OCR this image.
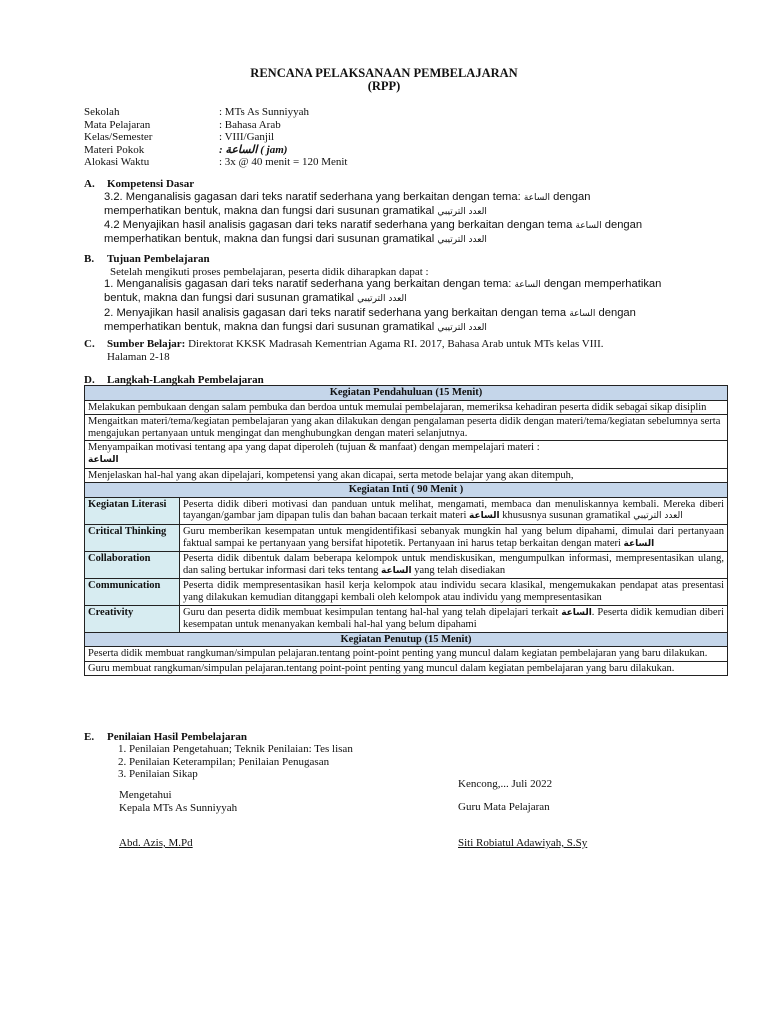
RENCANA PELAKSANAAN PEMBELAJARAN
(RPP)
Sekolah	: MTs As Sunniyyah
Mata Pelajaran	: Bahasa Arab
Kelas/Semester	: VIII/Ganjil
Materi Pokok	: الساعة ( jam)
Alokasi Waktu	: 3x @ 40 menit = 120 Menit
A. Kompetensi Dasar
3.2. Menganalisis gagasan dari teks naratif sederhana yang berkaitan dengan tema: الساعة dengan memperhatikan bentuk, makna dan fungsi dari susunan gramatikal العدد الترتيبي
4.2 Menyajikan hasil analisis gagasan dari teks naratif sederhana yang berkaitan dengan tema الساعة dengan memperhatikan bentuk, makna dan fungsi dari susunan gramatikal العدد الترتيبي
B. Tujuan Pembelajaran
Setelah mengikuti proses pembelajaran, peserta didik diharapkan dapat :
1. Menganalisis gagasan dari teks naratif sederhana yang berkaitan dengan tema: الساعة dengan memperhatikan bentuk, makna dan fungsi dari susunan gramatikal العدد الترتيبي
2. Menyajikan hasil analisis gagasan dari teks naratif sederhana yang berkaitan dengan tema الساعة dengan memperhatikan bentuk, makna dan fungsi dari susunan gramatikal العدد الترتيبي
C. Sumber Belajar: Direktorat KKSK Madrasah Kementrian Agama RI. 2017, Bahasa Arab untuk MTs kelas VIII.
Halaman 2-18
D. Langkah-Langkah Pembelajaran
Kegiatan Pendahuluan (15 Menit)	
Melakukan pembukaan dengan salam pembuka dan berdoa untuk memulai pembelajaran, memeriksa kehadiran peserta didik sebagai sikap disiplin	
Mengaitkan materi/tema/kegiatan pembelajaran yang akan dilakukan dengan pengalaman peserta didik dengan materi/tema/kegiatan sebelumnya serta mengajukan pertanyaan untuk mengingat dan menghubungkan dengan materi selanjutnya.	
Menyampaikan motivasi tentang apa yang dapat diperoleh (tujuan & manfaat) dengan mempelajari materi :
الساعة	
Menjelaskan hal-hal yang akan dipelajari, kompetensi yang akan dicapai, serta metode belajar yang akan ditempuh,	
Kegiatan Inti ( 90 Menit )	
Kegiatan Literasi	Peserta didik diberi motivasi dan panduan untuk melihat, mengamati, membaca dan menuliskannya kembali. Mereka diberi tayangan/gambar jam dipapan tulis dan bahan bacaan terkait materi الساعة khususnya susunan gramatikal العدد الترتيبي
Critical Thinking	Guru memberikan kesempatan untuk mengidentifikasi sebanyak mungkin hal yang belum dipahami, dimulai dari pertanyaan faktual sampai ke pertanyaan yang bersifat hipotetik. Pertanyaan ini harus tetap berkaitan dengan materi الساعة
Collaboration	Peserta didik dibentuk dalam beberapa kelompok untuk mendiskusikan, mengumpulkan informasi, mempresentasikan ulang, dan saling bertukar informasi dari teks tentang الساعة yang telah disediakan
Communication	Peserta didik mempresentasikan hasil kerja kelompok atau individu secara klasikal, mengemukakan pendapat atas presentasi yang dilakukan kemudian ditanggapi kembali oleh kelompok atau individu yang mempresentasikan
Creativity	Guru dan peserta didik membuat kesimpulan tentang hal-hal yang telah dipelajari terkait الساعة. Peserta didik kemudian diberi kesempatan untuk menanyakan kembali hal-hal yang belum dipahami
Kegiatan Penutup (15 Menit)	
Peserta didik membuat rangkuman/simpulan pelajaran.tentang point-point penting yang muncul dalam kegiatan pembelajaran yang baru dilakukan.	
Guru membuat rangkuman/simpulan pelajaran.tentang point-point penting yang muncul dalam kegiatan pembelajaran yang baru dilakukan.	
E. Penilaian Hasil Pembelajaran
1. Penilaian Pengetahuan; Teknik Penilaian: Tes lisan
2. Penilaian Keterampilan; Penilaian Penugasan
3. Penilaian Sikap
Kencong,... Juli 2022
Mengetahui
Kepala MTs As Sunniyyah	Guru Mata Pelajaran
Abd. Azis, M.Pd	Siti Robiatul Adawiyah, S.Sy
